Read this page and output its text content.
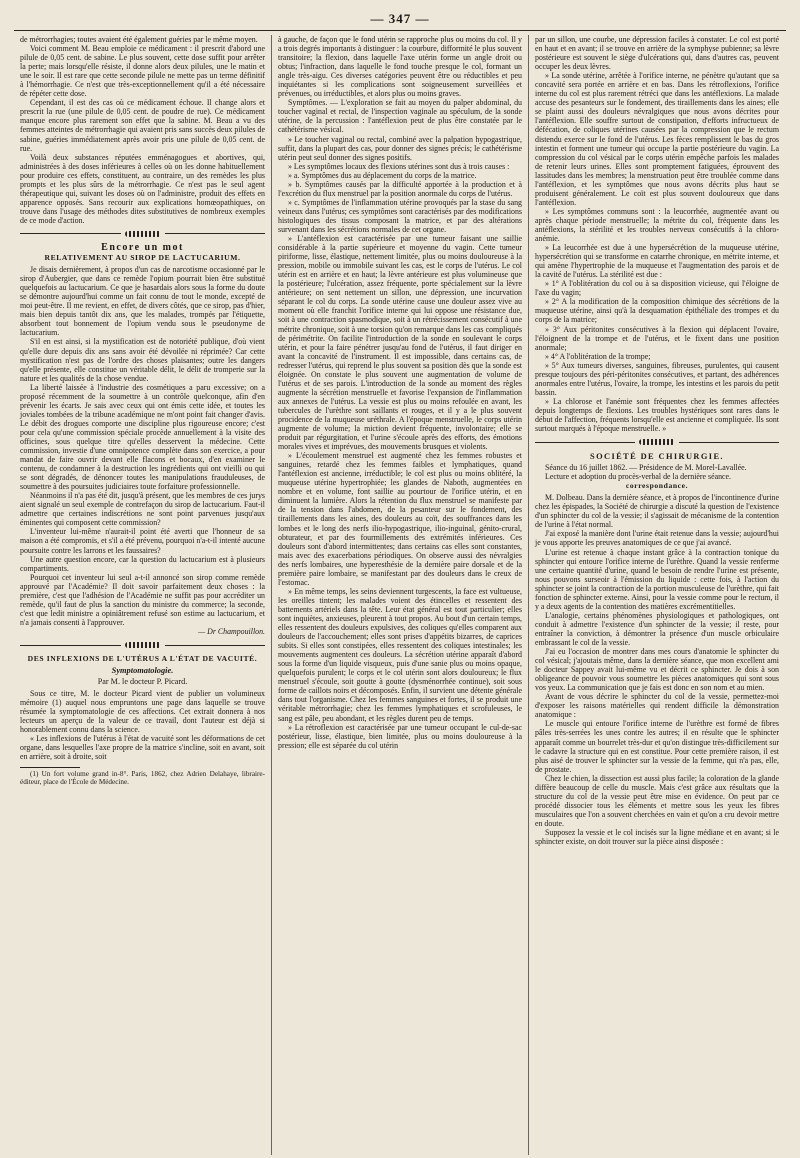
— 347 —

de métrorrhagies; toutes avaient été également guéries par le même moyen.

Voici comment M. Beau emploie ce médicament : il prescrit d'abord une pilule de 0,05 cent. de sabine. Le plus souvent, cette dose suffit pour arrêter la perte; mais lorsqu'elle résiste, il donne alors deux pilules, une le matin et une le soir. Il est rare que cette seconde pilule ne mette pas un terme définitif à l'hémorrhagie. Ce n'est que très-exceptionnellement qu'il a été nécessaire de répéter cette dose.

Cependant, il est des cas où ce médicament échoue. Il change alors et prescrit la rue (une pilule de 0,05 cent. de poudre de rue). Ce médicament manque encore plus rarement son effet que la sabine. M. Beau a vu des femmes atteintes de métrorrhagie qui avaient pris sans succès deux pilules de sabine, guéries immédiatement après avoir pris une pilule de 0,05 cent. de rue.

Voilà deux substances réputées emménagogues et abortives, qui, administrées à des doses inférieures à celles où on les donne habituellement pour produire ces effets, constituent, au contraire, un des remèdes les plus prompts et les plus sûrs de la métrorrhagie. Ce n'est pas le seul agent thérapeutique qui, suivant les doses où on l'administre, produit des effets en apparence opposés. Sans recourir aux explications homœopathiques, on trouve dans l'usage des méthodes dites substitutives de nombreux exemples de ce mode d'action.

Encore un mot
RELATIVEMENT AU SIROP DE LACTUCARIUM.

Je disais dernièrement, à propos d'un cas de narcotisme occasionné par le sirop d'Aubergier, que dans ce remède l'opium pourrait bien être substitué quelquefois au lactucarium. Ce que je hasardais alors sous la forme du doute se démontre aujourd'hui comme un fait connu de tout le monde, excepté de moi peut-être. Il me revient, en effet, de divers côtés, que ce sirop, pas d'hier, mais bien depuis tantôt dix ans, que les malades, trompés par l'étiquette, absorbent tout bonnement de l'opium vendu sous le pseudonyme de lactucarium.

S'il en est ainsi, si la mystification est de notoriété publique, d'où vient qu'elle dure depuis dix ans sans avoir été dévoilée ni réprimée? Car cette mystification n'est pas de l'ordre des choses plaisantes; outre les dangers qu'elle présente, elle constitue un véritable délit, le délit de tromperie sur la nature et les qualités de la chose vendue.

La liberté laissée à l'industrie des cosmétiques a paru excessive; on a proposé récemment de la soumettre à un contrôle quelconque, afin d'en prévenir les écarts. Je sais avec ceux qui ont émis cette idée, et toutes les joviales tombées de la tribune académique ne m'ont point fait changer d'avis. Le débit des drogues comporte une discipline plus rigoureuse encore; c'est pour cela qu'une commission spéciale procède annuellement à la visite des officines, sous quelque titre qu'elles desservent la médecine. Cette commission, investie d'une omnipotence complète dans son exercice, a pour mandat de faire ouvrir devant elle flacons et bocaux, d'en examiner le contenu, de condamner à la destruction les ingrédients qui ont vieilli ou qui se sont dégradés, de dénoncer toutes les manipulations frauduleuses, de soumettre à des poursuites judiciaires toute forfaiture professionnelle.

Néanmoins il n'a pas été dit, jusqu'à présent, que les membres de ces jurys aient signalé un seul exemple de contrefaçon du sirop de lactucarium. Faut-il admettre que certaines indiscrétions ne sont point parvenues jusqu'aux éminentes qui composent cette commission?

L'inventeur lui-même n'aurait-il point été averti que l'honneur de sa maison a été compromis, et s'il a été prévenu, pourquoi n'a-t-il intenté aucune poursuite contre les larrons et les faussaires?

Une autre question encore, car la question du lactucarium est à plusieurs compartiments.

Pourquoi cet inventeur lui seul a-t-il annoncé son sirop comme remède approuvé par l'Académie? Il doit savoir parfaitement deux choses : la première, c'est que l'adhésion de l'Académie ne suffit pas pour accréditer un remède, qu'il faut de plus la sanction du ministre du commerce; la seconde, c'est que ledit ministre a opiniâtrement refusé son estime au lactucarium, et n'a jamais consenti à l'approuver.

— Dr Champouillon.
DES INFLEXIONS DE L'UTÉRUS A L'ÉTAT DE VACUITÉ.
Symptomatologie.
Par M. le docteur P. Picard.

Sous ce titre, M. le docteur Picard vient de publier un volumineux mémoire (1) auquel nous empruntons une page dans laquelle se trouve résumée la symptomatologie de ces affections. Cet extrait donnera à nos lecteurs un aperçu de la valeur de ce travail, dont l'auteur est déjà si honorablement connu dans la science.

« Les inflexions de l'utérus à l'état de vacuité sont les déformations de cet organe, dans lesquelles l'axe propre de la matrice s'incline, soit en avant, soit en arrière, soit à droite, soit

(1) Un fort volume grand in-8°. Paris, 1862, chez Adrien Delahaye, libraire-éditeur, place de l'École de Médecine.

à gauche, de façon que le fond utérin se rapproche plus ou moins du col. Il y a trois degrés importants à distinguer : la courbure, difformité le plus souvent transitoire; la flexion, dans laquelle l'axe utérin forme un angle droit ou obtus; l'infraction, dans laquelle le fond touche presque le col, formant un angle très-aigu. Ces diverses catégories peuvent être ou réductibles et peu inquiétantes si les complications sont soigneusement surveillées et prévenues, ou irréductibles, et alors plus ou moins graves.

Symptômes. — L'exploration se fait au moyen du palper abdominal, du toucher vaginal et rectal, de l'inspection vaginale au spéculum, de la sonde utérine, de la percussion : l'antéflexion peut de plus être constatée par le cathétérisme vésical.

» Le toucher vaginal ou rectal, combiné avec la palpation hypogastrique, suffit, dans la plupart des cas, pour donner des signes précis; le cathétérisme utérin peut seul donner des signes positifs.

» Les symptômes locaux des flexions utérines sont dus à trois causes :

» a. Symptômes dus au déplacement du corps de la matrice.

» b. Symptômes causés par la difficulté apportée à la production et à l'excrétion du flux menstruel par la position anormale du corps de l'utérus.

» c. Symptômes de l'inflammation utérine provoqués par la stase du sang veineux dans l'utérus; ces symptômes sont caractérisés par des modifications histologiques des tissus composant la matrice, et par des altérations survenant dans les sécrétions normales de cet organe.

» L'antéflexion est caractérisée par une tumeur faisant une saillie considérable à la partie supérieure et moyenne du vagin. Cette tumeur piriforme, lisse, élastique, nettement limitée, plus ou moins douloureuse à la pression, mobile ou immobile suivant les cas, est le corps de l'utérus. Le col utérin est en arrière et en haut; la lèvre antérieure est plus volumineuse que la postérieure; l'ulcération, assez fréquente, porte spécialement sur la lèvre antérieure; on sent nettement un sillon, une dépression, une incurvation séparant le col du corps. La sonde utérine cause une douleur assez vive au moment où elle franchit l'orifice interne qui lui oppose une résistance due, soit à une contraction spasmodique, soit à un rétrécissement consécutif à une métrite chronique, soit à une torsion qu'on remarque dans les cas compliqués de périmétrite. On facilite l'introduction de la sonde en soulevant le corps utérin, et pour la faire pénétrer jusqu'au fond de l'utérus, il faut diriger en avant la concavité de l'instrument. Il est impossible, dans certains cas, de redresser l'utérus, qui reprend le plus souvent sa position dès que la sonde est éloignée. On constate le plus souvent une augmentation de volume de l'utérus et de ses parois. L'introduction de la sonde au moment des règles augmente la sécrétion menstruelle et favorise l'expansion de l'inflammation aux annexes de l'utérus. La vessie est plus ou moins refoulée en avant, les tubercules de l'urèthre sont saillants et rouges, et il y a le plus souvent procidence de la muqueuse uréthrale. A l'époque menstruelle, le corps utérin augmente de volume; la miction devient fréquente, involontaire; elle se produit par régurgitation, et l'urine s'écoule après des efforts, des émotions morales vives et imprévues, des mouvements brusques et violents.

» L'écoulement menstruel est augmenté chez les femmes robustes et sanguines, retardé chez les femmes faibles et lymphatiques, quand l'antéflexion est ancienne, irréductible; le col est plus ou moins oblitéré, la muqueuse utérine hypertrophiée; les glandes de Naboth, augmentées en nombre et en volume, font saillie au pourtour de l'orifice utérin, et en diminuent la lumière. Alors la rétention du flux menstruel se manifeste par de la tension dans l'abdomen, de la pesanteur sur le fondement, des tiraillements dans les aines, des douleurs au coït, des souffrances dans les lombes et le long des nerfs ilio-hypogastrique, ilio-inguinal, génito-crural, obturateur, et par des fourmillements des extrémités inférieures. Ces douleurs sont d'abord intermittentes; dans certains cas elles sont constantes, mais avec des exacerbations périodiques. On observe aussi des névralgies des nerfs lombaires, une hyperesthésie de la dernière paire dorsale et de la première paire lombaire, se manifestant par des douleurs dans le creux de l'estomac.

» En même temps, les seins deviennent turgescents, la face est vultueuse, les oreilles tintent; les malades voient des étincelles et ressentent des battements artériels dans la tête. Leur état général est tout particulier; elles sont inquiètes, anxieuses, pleurent à tout propos. Au bout d'un certain temps, elles ressentent des douleurs expulsives, des coliques qu'elles comparent aux douleurs de l'accouchement; elles sont prises d'appétits bizarres, de caprices subits. Si elles sont constipées, elles ressentent des coliques intestinales; les mouvements augmentent ces douleurs. La sécrétion utérine apparaît d'abord sous la forme d'un liquide visqueux, puis d'une sanie plus ou moins opaque, quelquefois purulent; le corps et le col utérin sont alors douloureux; le flux menstruel s'écoule, soit goutte à goutte (dysménorrhée continue), soit sous forme de caillots noirs et décomposés. Enfin, il survient une détente générale dans tout l'organisme. Chez les femmes sanguines et fortes, il se produit une véritable métrorrhagie; chez les femmes lymphatiques et scrofuleuses, le sang est pâle, peu abondant, et les règles durent peu de temps.

» La rétroflexion est caractérisée par une tumeur occupant le cul-de-sac postérieur, lisse, élastique, bien limitée, plus ou moins douloureuse à la pression; elle est séparée du col utérin

par un sillon, une courbe, une dépression faciles à constater. Le col est porté en haut et en avant; il se trouve en arrière de la symphyse pubienne; sa lèvre postérieure est souvent le siège d'ulcérations qui, dans d'autres cas, peuvent occuper les deux lèvres.

» La sonde utérine, arrêtée à l'orifice interne, ne pénètre qu'autant que sa concavité sera portée en arrière et en bas. Dans les rétroflexions, l'orifice interne du col est plus rarement rétréci que dans les antéflexions. La malade accuse des pesanteurs sur le fondement, des tiraillements dans les aines; elle se plaint aussi des douleurs névralgiques que nous avons décrites pour l'antéflexion. Elle souffre surtout de constipation, d'efforts infructueux de défécation, de coliques utérines causées par la compression que le rectum distendu exerce sur le fond de l'utérus. Les fèces remplissent le bas du gros intestin et forment une tumeur qui occupe la partie postérieure du vagin. La compression du col vésical par le corps utérin empêche parfois les malades de retenir leurs urines. Elles sont promptement fatiguées, éprouvent des lassitudes dans les membres; la menstruation peut être troublée comme dans l'antéflexion, et les symptômes que nous avons décrits plus haut se produisent généralement. Le coït est plus souvent douloureux que dans l'antéflexion.

» Les symptômes communs sont : la leucorrhée, augmentée avant ou après chaque période menstruelle; la métrite du col, fréquente dans les antéflexions, la stérilité et les troubles nerveux consécutifs à la chloro-anémie.

» La leucorrhée est due à une hypersécrétion de la muqueuse utérine, hypersécrétion qui se transforme en catarrhe chronique, en métrite interne, et qui amène l'hypertrophie de la muqueuse et l'augmentation des parois et de la cavité de l'utérus. La stérilité est due :

» 1° A l'oblitération du col ou à sa disposition vicieuse, qui l'éloigne de l'axe du vagin;

» 2° A la modification de la composition chimique des sécrétions de la muqueuse utérine, ainsi qu'à la desquamation épithéliale des trompes et du corps de la matrice;

» 3° Aux péritonites consécutives à la flexion qui déplacent l'ovaire, l'éloignent de la trompe et de l'utérus, et le fixent dans une position anormale;

» 4° A l'oblitération de la trompe;

» 5° Aux tumeurs diverses, sanguines, fibreuses, purulentes, qui causent presque toujours des péri-péritonites consécutives, et partant, des adhérences anormales entre l'utérus, l'ovaire, la trompe, les intestins et les parois du petit bassin.

» La chlorose et l'anémie sont fréquentes chez les femmes affectées depuis longtemps de flexions. Les troubles hystériques sont rares dans le début de l'affection, fréquents lorsqu'elle est ancienne et compliquée. Ils sont surtout marqués à l'époque menstruelle. »

SOCIÉTÉ DE CHIRURGIE.

Séance du 16 juillet 1862. — Présidence de M. Morel-Lavallée.

Lecture et adoption du procès-verbal de la dernière séance.

correspondance.

M. Dolbeau. Dans la dernière séance, et à propos de l'incontinence d'urine chez les épispades, la Société de chirurgie a discuté la question de l'existence d'un sphincter du col de la vessie; il s'agissait de mécanisme de la contention de l'urine à l'état normal.

J'ai exposé la manière dont l'urine était retenue dans la vessie; aujourd'hui je vous apporte les preuves anatomiques de ce que j'ai avancé.

L'urine est retenue à chaque instant grâce à la contraction tonique du sphincter qui entoure l'orifice interne de l'urèthre. Quand la vessie renferme une certaine quantité d'urine, quand le besoin de rendre l'urine est présente, nous pouvons surseoir à l'émission du liquide : cette fois, à l'action du sphincter se joint la contraction de la portion musculeuse de l'urèthre, qui fait fonction de sphincter externe. Ainsi, pour la vessie comme pour le rectum, il y a deux agents de la contention des matières excrémentitielles.

L'analogie, certains phénomènes physiologiques et pathologiques, ont conduit à admettre l'existence d'un sphincter de la vessie; il reste, pour entraîner la conviction, à démontrer la présence d'un muscle orbiculaire embrassant le col de la vessie.

J'ai eu l'occasion de montrer dans mes cours d'anatomie le sphincter du col vésical; j'ajoutais même, dans la dernière séance, que mon excellent ami le docteur Sappey avait lui-même vu et décrit ce sphincter. Je dois à son obligeance de pouvoir vous soumettre les pièces anatomiques qui sont sous vos yeux. La communication que je fais est donc en son nom et au mien.

Avant de vous décrire le sphincter du col de la vessie, permettez-moi d'exposer les raisons matérielles qui rendent difficile la démonstration anatomique :

Le muscle qui entoure l'orifice interne de l'urèthre est formé de fibres pâles très-serrées les unes contre les autres; il en résulte que le sphincter apparaît comme un bourrelet très-dur et qu'on distingue très-difficilement sur le cadavre la structure qui en est constitue. Pour cette première raison, il est plus aisé de trouver le sphincter sur la vessie de la femme, qui n'a pas, elle, de prostate.

Chez le chien, la dissection est aussi plus facile; la coloration de la glande diffère beaucoup de celle du muscle. Mais c'est grâce aux résultats que la structure du col de la vessie peut être mise en évidence. On peut par ce procédé dissocier tous les éléments et mettre sous les yeux les fibres musculaires que l'on a souvent cherchées en vain et qu'on a cru devoir mettre en doute.

Supposez la vessie et le col incisés sur la ligne médiane et en avant; si le sphincter existe, on doit trouver sur la pièce ainsi disposée :
